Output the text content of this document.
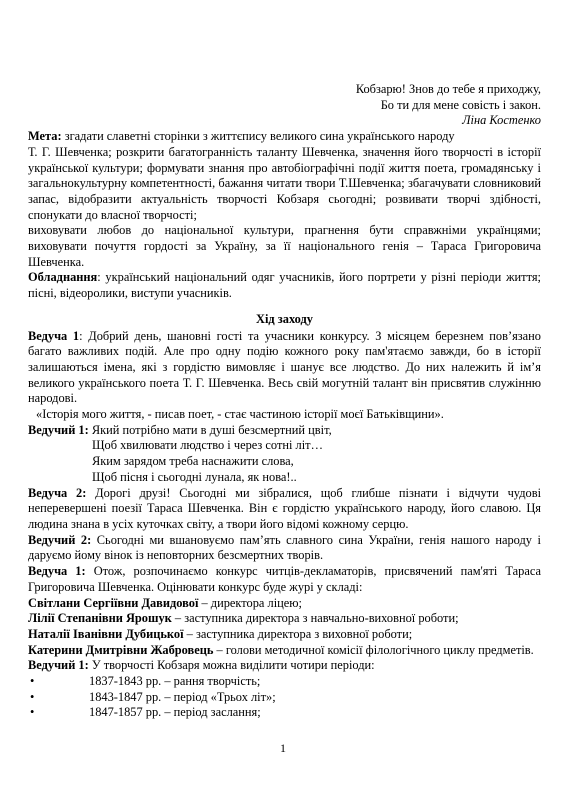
Кобзарю! Знов до тебе я приходжу,
Бо ти для мене совість і закон.
Ліна Костенко

Мета: згадати славетні сторінки з життєпису великого сина українського народу

Т. Г. Шевченка; розкрити багатогранність таланту Шевченка, значення його творчості в історії української культури; формувати знання про автобіографічні події життя поета, громадянську і загальнокультурну компетентності, бажання читати твори Т.Шевченка; збагачувати словниковий запас, відобразити актуальність творчості Кобзаря сьогодні; розвивати творчі здібності, спонукати до власної творчості;

виховувати любов до національної культури, прагнення бути справжніми українцями; виховувати почуття гордості за Україну, за її національного генія – Тараса Григоровича Шевченка.

Обладнання: український національний одяг учасників, його портрети у різні періоди життя; пісні, відеоролики, виступи учасників.

Хід заходу

Ведуча 1: Добрий день, шановні гості та учасники конкурсу. З місяцем березнем пов’язано багато важливих подій. Але про одну подію кожного року пам'ятаємо завжди, бо в історії залишаються імена, які з гордістю вимовляє і шанує все людство. До них належить й ім’я великого українського поета Т. Г. Шевченка. Весь свій могутній талант він присвятив служінню народові.

«Історія мого життя, - писав поет, - стає частиною історії моєї Батьківщини».

Ведучий 1: Який потрібно мати в душі безсмертний цвіт,

Щоб хвилювати людство і через сотні літ…

Яким зарядом треба наснажити слова,

Щоб пісня і сьогодні лунала, як нова!..

Ведуча 2: Дорогі друзі! Сьогодні ми зібралися, щоб глибше пізнати і відчути чудові неперевершені поезії Тараса Шевченка. Він є гордістю українського народу, його славою. Ця людина знана в усіх куточках світу, а твори його відомі кожному серцю.

Ведучий 2: Сьогодні ми вшановуємо пам’ять славного сина України, генія нашого народу і даруємо йому вінок із неповторних безсмертних творів.

Ведуча 1: Отож, розпочинаємо конкурс читців-декламаторів, присвячений пам'яті Тараса Григоровича Шевченка. Оцінювати конкурс буде журі у складі:

Світлани Сергіївни Давидової – директора ліцею;

Лілії Степанівни Ярошук – заступника директора з навчально-виховної роботи;

Наталії Іванівни Дубицької – заступника директора з виховної роботи;

Катерини Дмитрівни Жабровець – голови методичної комісії філологічного циклу предметів.

Ведучий 1: У творчості Кобзаря можна виділити чотири періоди:

• 1837-1843 рр. – рання творчість;
• 1843-1847 рр. – період «Трьох літ»;
• 1847-1857 рр. – період заслання;
1
